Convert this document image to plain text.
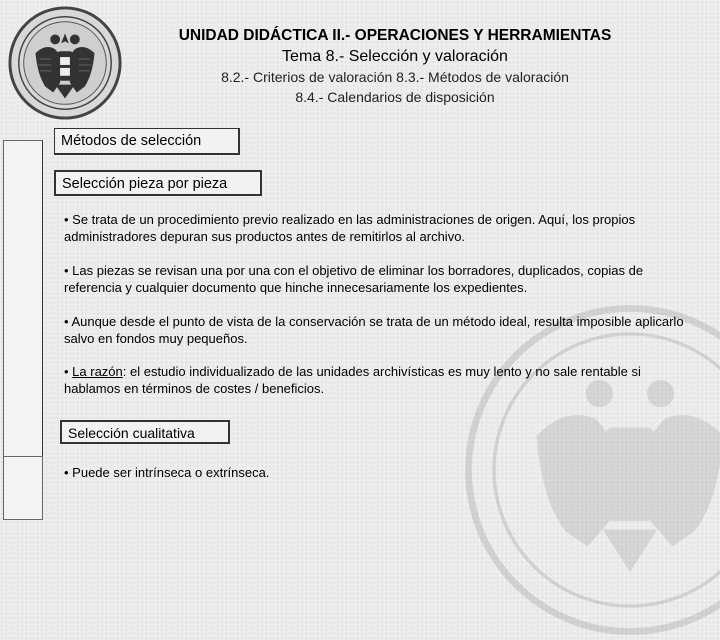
UNIDAD DIDÁCTICA II.- OPERACIONES Y HERRAMIENTAS
Tema 8.- Selección y valoración
8.2.- Criterios de valoración 8.3.- Métodos de valoración
8.4.- Calendarios de disposición
Métodos de selección
Selección pieza por pieza
• Se trata de un procedimiento previo realizado en las administraciones de origen. Aquí, los propios administradores depuran sus productos antes de remitirlos al archivo.
• Las piezas se revisan una por una con el objetivo de eliminar los borradores, duplicados, copias de referencia y cualquier documento que hinche innecesariamente los expedientes.
• Aunque desde el punto de vista de la conservación se trata de un método ideal, resulta imposible aplicarlo salvo en fondos muy pequeños.
• La razón: el estudio individualizado de las unidades archivísticas es muy lento y no sale rentable si hablamos en términos de costes / beneficios.
Selección cualitativa
• Puede ser intrínseca o extrínseca.
